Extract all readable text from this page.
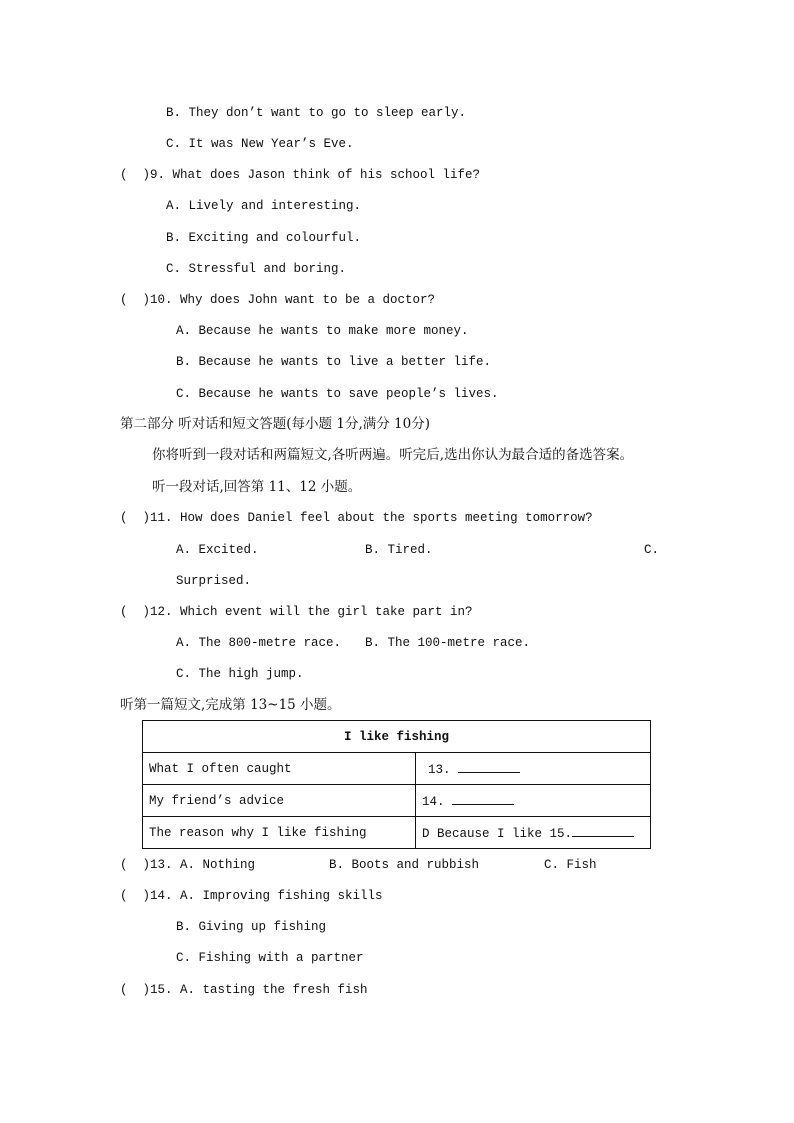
B. They don’t want to go to sleep early.
C. It was New Year’s Eve.
(  )9. What does Jason think of his school life?
A. Lively and interesting.
B. Exciting and colourful.
C. Stressful and boring.
(  )10. Why does John want to be a doctor?
A. Because he wants to make more money.
B. Because he wants to live a better life.
C. Because he wants to save people’s lives.
第二部分 听对话和短文答题(每小题 1分,满分 10分)
你将听到一段对话和两篇短文,各听两遍。听完后,选出你认为最合适的备选答案。
听一段对话,回答第 11、12 小题。
(  )11. How does Daniel feel about the sports meeting tomorrow?
A. Excited.	B. Tired.	C.
Surprised.
(  )12. Which event will the girl take part in?
A. The 800-metre race. B. The 100-metre race.
C. The high jump.
听第一篇短文,完成第 13~15 小题。
I like fishing	
What I often caught	13.
My friend’s advice	14.
The reason why I like fishing	D Because I like 15.
(  )13. A. Nothing	B. Boots and rubbish	C. Fish
(  )14. A. Improving fishing skills
B. Giving up fishing
C. Fishing with a partner
(  )15. A. tasting the fresh fish
